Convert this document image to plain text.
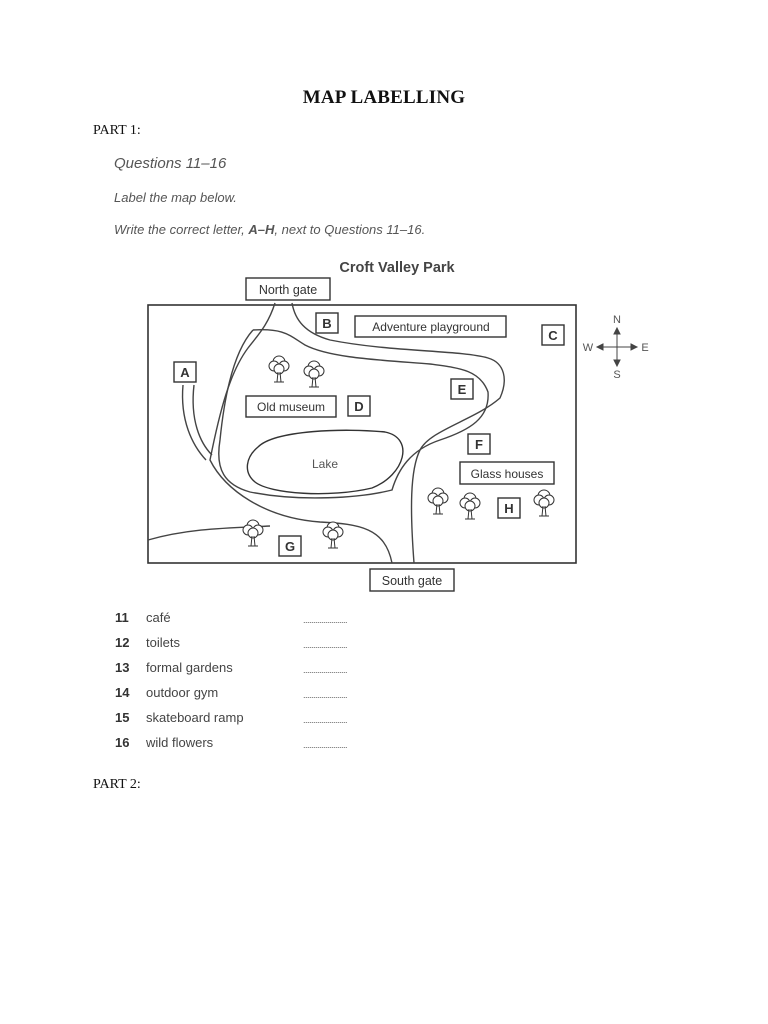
MAP LABELLING
PART 1:
Questions 11–16
Label the map below.
Write the correct letter, A–H, next to Questions 11–16.
Croft Valley Park
Lake
North gate
South gate
Adventure playground
Old museum
Glass houses
B
C
A
E
D
F
H
G
N
S
W	E
11 café	......................
12 toilets	......................
13 formal gardens	......................
14 outdoor gym	......................
15 skateboard ramp	......................
16 wild flowers	......................
PART 2:
